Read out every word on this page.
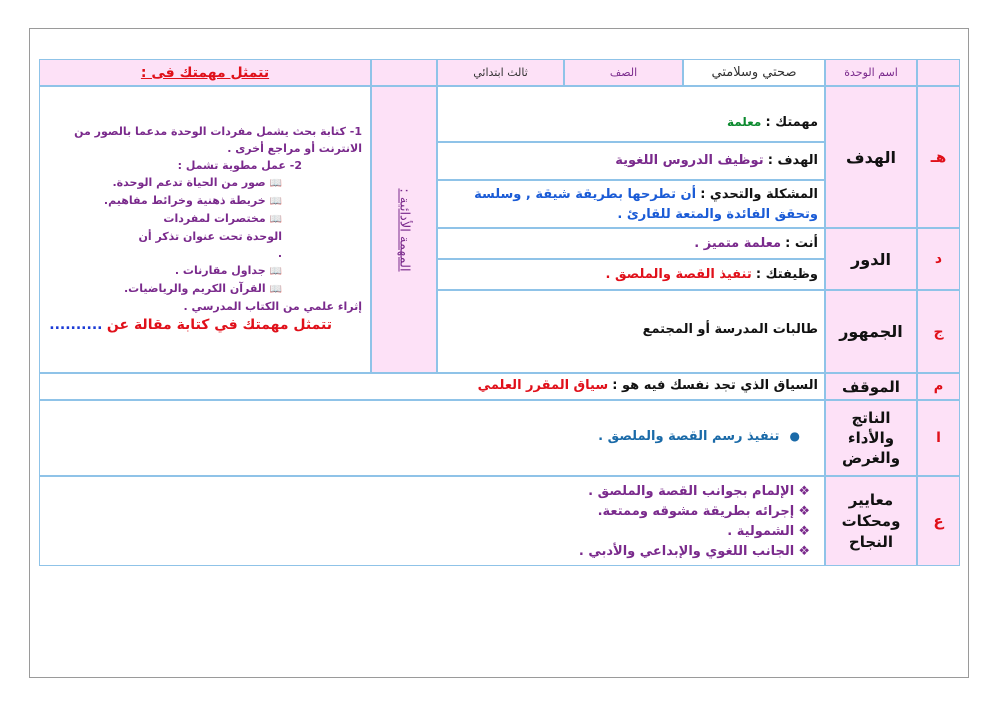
اسم الوحدة
صحتي وسلامتي
الصف
ثالث ابتدائي
تتمثل مهمتك فى :
هـ
الهدف
مهمتك : معلمة
الهدف : توظيف الدروس اللغوية
المشكلة والتحدي : أن تطرحها بطريقة شيقة , وسلسة وتحقق الفائدة والمتعة للقارئ .
د
الدور
أنت : معلمة متميز .
وظيفتك : تنفيذ القصة والملصق .
ج
الجمهور
طالبات المدرسة أو المجتمع
المهمة الأدائية :
1- كتابة بحث يشمل مفردات الوحدة مدعما بالصور من الانترنت أو مراجع أخرى .
2- عمل مطوية تشمل :
📖 صور من الحياة تدعم الوحدة.
📖 خريطة ذهنية وخرائط مفاهيم.
📖 مختصرات لمفردات الوحدة تحت عنوان تذكر أن .
📖 جداول مقارنات .
📖 القرآن الكريم والرياضيات.
إثراء علمي من الكتاب المدرسي .
تتمثل مهمتك في كتابة مقالة عن ..........
م
الموقف
السياق الذي تجد نفسك فيه هو : سياق المقرر العلمي
ا
الناتج والأداء والغرض
● تنفيذ رسم القصة والملصق .
ع
معايير ومحكات النجاح
❖ الإلمام بجوانب القصة والملصق .
❖ إجرائه بطريقة مشوقه وممتعة.
❖ الشمولية .
❖ الجانب اللغوي والإبداعي والأدبي .
